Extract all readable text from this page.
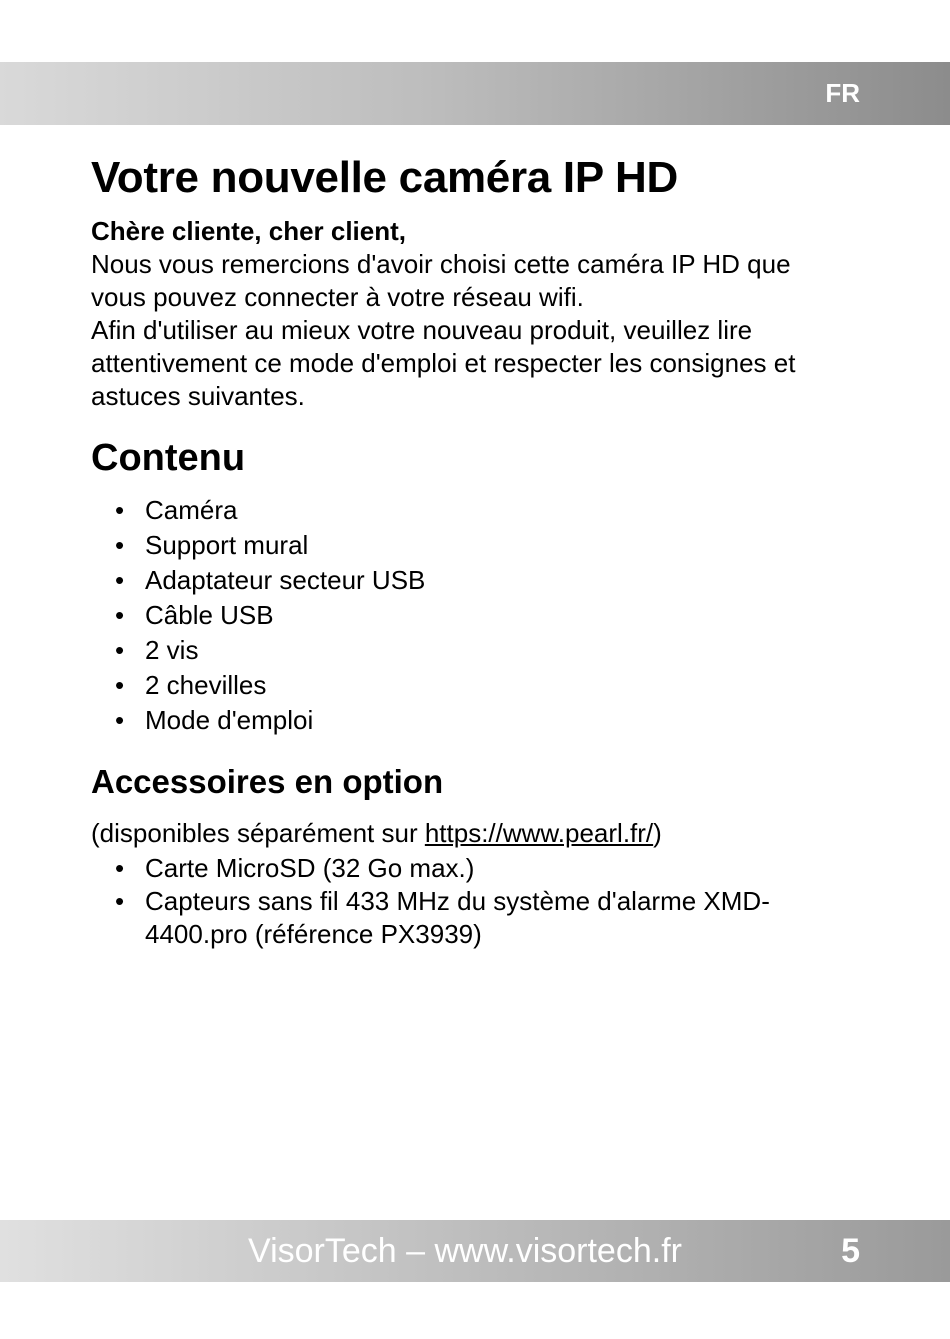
FR
Votre nouvelle caméra IP HD
Chère cliente, cher client,
Nous vous remercions d'avoir choisi cette caméra IP HD que vous pouvez connecter à votre réseau wifi.
Afin d'utiliser au mieux votre nouveau produit, veuillez lire attentivement ce mode d'emploi et respecter les consignes et astuces suivantes.
Contenu
• Caméra
• Support mural
• Adaptateur secteur USB
• Câble USB
• 2 vis
• 2 chevilles
• Mode d'emploi
Accessoires en option
(disponibles séparément sur https://www.pearl.fr/)
• Carte MicroSD (32 Go max.)
• Capteurs sans fil 433 MHz du système d'alarme XMD-4400.pro (référence PX3939)
VisorTech – www.visortech.fr	5
